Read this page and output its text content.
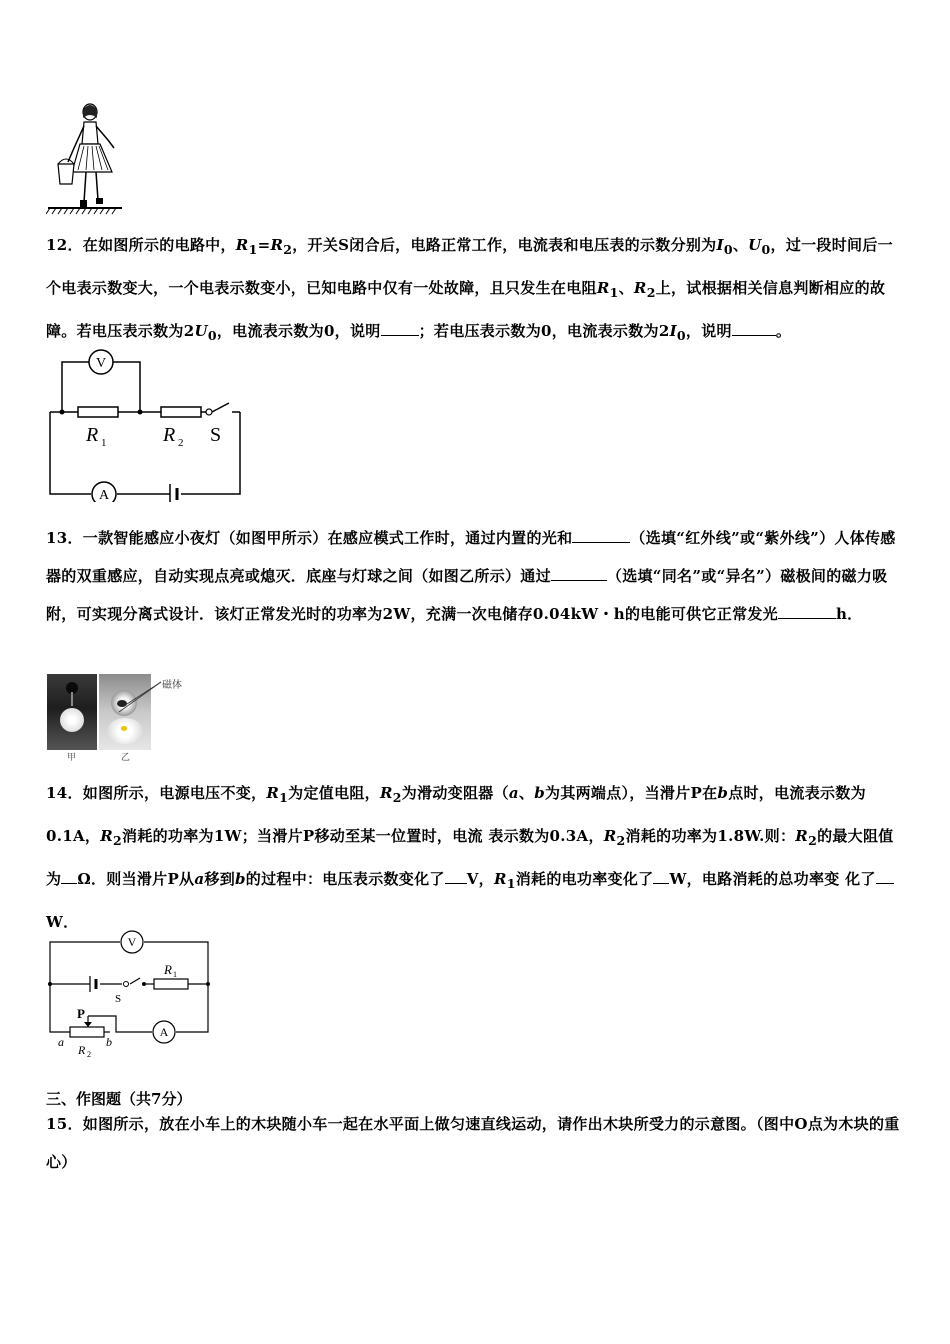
12．在如图所示的电路中，$R_1=R_2$，开关S闭合后，电路正常工作，电流表和电压表的示数分别为$I_0$、$U_0$，过一段时间后一个电表示数变大，一个电表示数变小，已知电路中仅有一处故障，且只发生在电阻$R_1$、$R_2$上，试根据相关信息判断相应的故障。若电压表示数为$2U_0$，电流表示数为0，说明	；若电压表示数为0，电流表示数为$2I_0$，说明	。
V
A
R 1	R 2 S
13．一款智能感应小夜灯（如图甲所示）在感应模式工作时，通过内置的光和	（选填“红外线”或“紫外线”）人体传感器的双重感应，自动实现点亮或熄灭．底座与灯球之间（如图乙所示）通过	（选填“同名”或“异名”）磁极间的磁力吸附，可实现分离式设计．该灯正常发光时的功率为2W，充满一次电储存0.04kW・h的电能可供它正常发光	h．
甲	乙
磁体
14．如图所示，电源电压不变，$R_1$为定值电阻，$R_2$为滑动变阻器（a、b为其两端点），当滑片P在b点时，电流表示数为0.1A，$R_2$消耗的功率为1W；当滑片P移动至某一位置时，电流 表示数为0.3A，$R_2$消耗的功率为1.8W.则：$R_2$的最大阻值为 Ω．则当滑片P从a移到b的过程中：电压表示数变化了 V，$R_1$消耗的电功率变化了 W，电路消耗的总功率变 化了W．
V
A
R 1
S
P
a	b
R 2
三、作图题（共7分）
15．如图所示，放在小车上的木块随小车一起在水平面上做匀速直线运动，请作出木块所受力的示意图。（图中O点为木块的重心）
